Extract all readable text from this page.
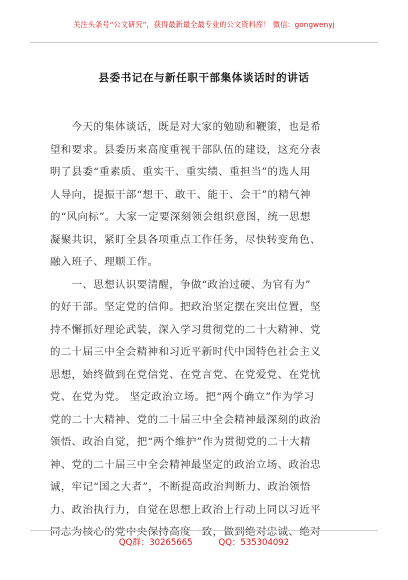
关注头条号“公文研究”，获得最新最全最专业的公文资料库！ 微信：gongwenyj
县委书记在与新任职干部集体谈话时的讲话
　　今天的集体谈话，既是对大家的勉励和鞭策，也是希
望和要求。县委历来高度重视干部队伍的建设，这充分表
明了县委“重素质、重实干、重实绩、重担当”的选人用
人导向，提振干部“想干、敢干、能干、会干”的精气神
的“风向标”。大家一定要深刻领会组织意图，统一思想
凝聚共识，紧盯全县各项重点工作任务，尽快转变角色、
融入班子、理顺工作。
　　一、思想认识要清醒，争做“政治过硬、为官有为”
的好干部。坚定党的信仰。把政治坚定摆在突出位置，坚
持不懈抓好理论武装，深入学习贯彻党的二十大精神、党
的二十届三中全会精神和习近平新时代中国特色社会主义
思想，始终做到在党信党、在党言党、在党爱党、在党忧
党、在党为党。 坚定政治立场。把“两个确立”作为学习
党的二十大精神、党的二十届三中全会精神最深刻的政治
领悟、政治自觉，把“两个维护”作为贯彻党的二十大精
神、党的二十届三中全会精神最坚定的政治立场、政治忠
诚，牢记“国之大者”，不断提高政治判断力、政治领悟
力、政治执行力，自觉在思想上政治上行动上同以习近平
同志为核心的党中央保持高度一致，做到绝对忠诚、绝对
QQ群：30265665	QQ：535304092
